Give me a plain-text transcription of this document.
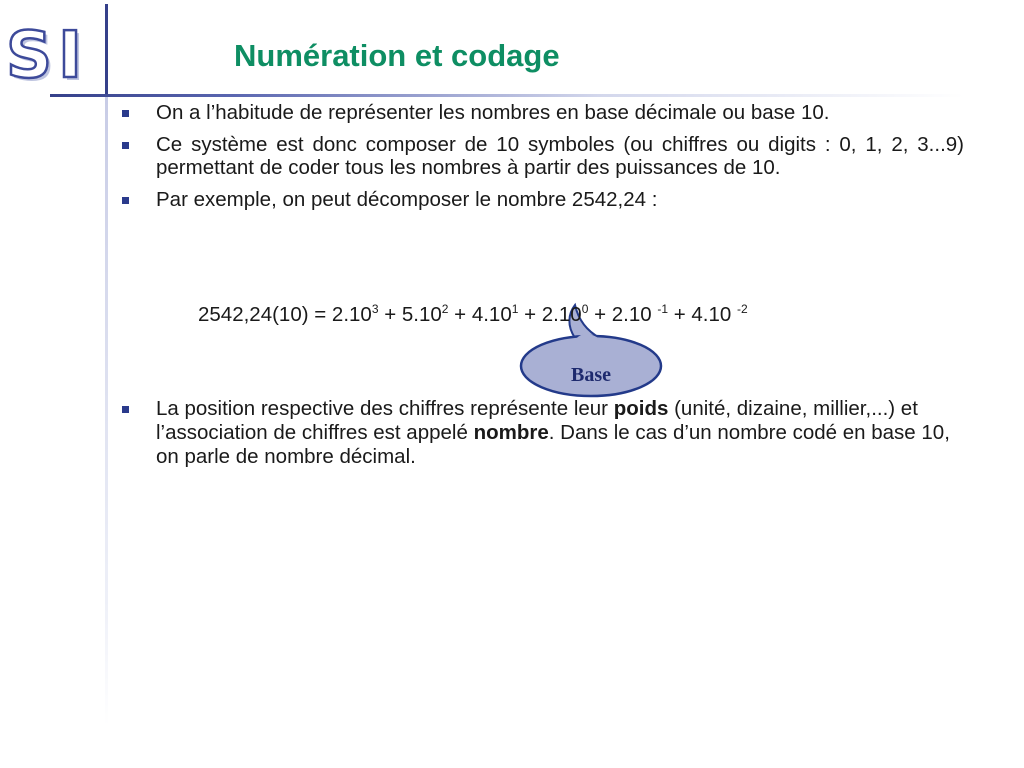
SI	Numération et codage
On a l’habitude de représenter les nombres en base décimale ou base 10.
Ce système est donc composer de 10 symboles (ou chiffres ou digits : 0, 1, 2, 3...9) permettant de coder tous les nombres à partir des puissances de 10.
Par exemple, on peut décomposer le nombre 2542,24 :
Base
$2542,24(10) = 2.10^3 + 5.10^2 + 4.10^1 + 2.10^0 + 2.10$ $^{-1}$ + 4.10 $^{-2}$
La position respective des chiffres représente leur poids (unité, dizaine, millier,...) et l’association de chiffres est appelé nombre. Dans le cas d’un nombre codé en base 10, on parle de nombre décimal.
